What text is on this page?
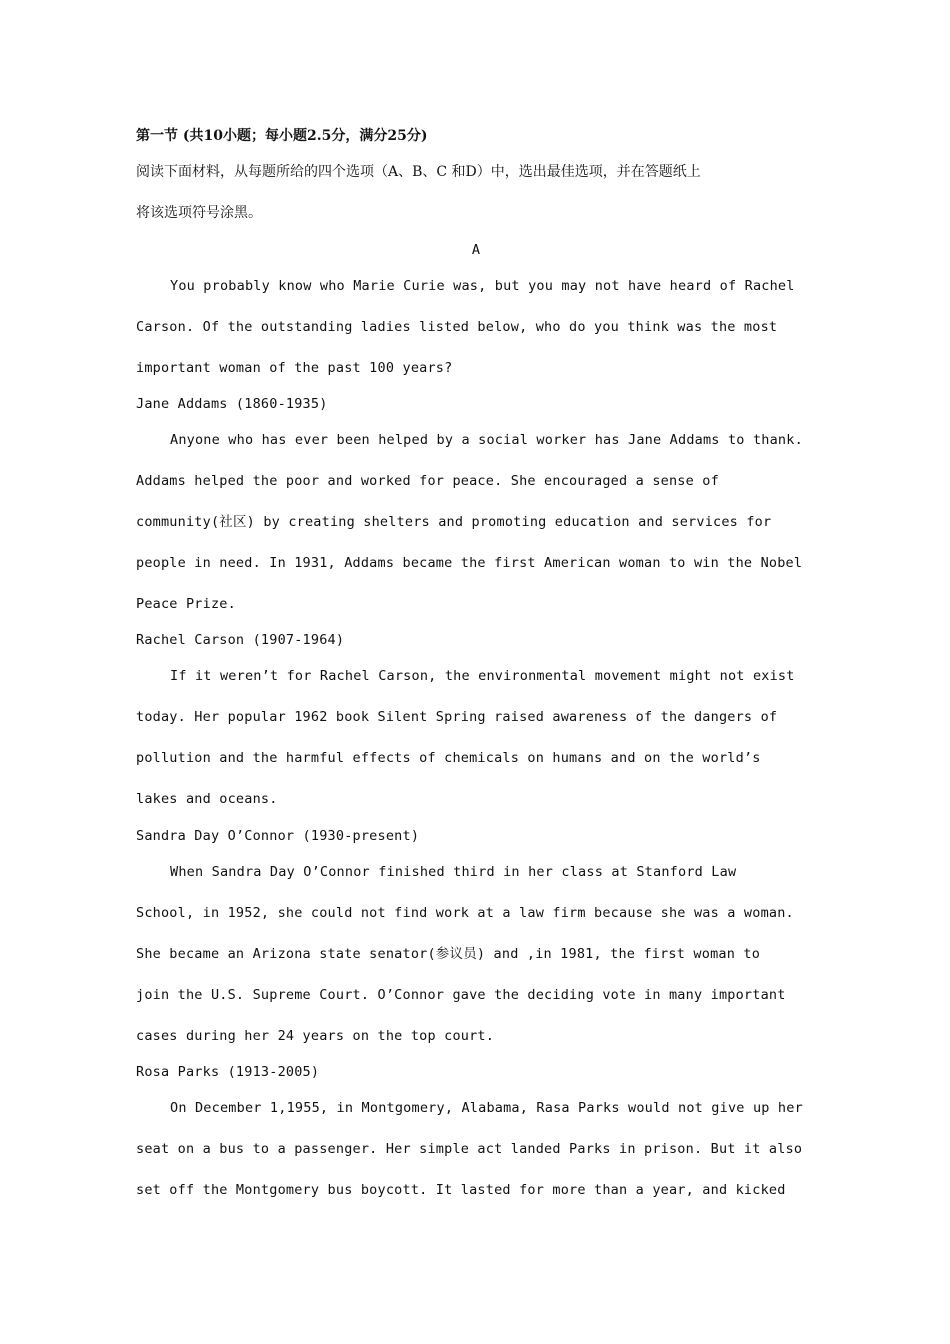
第一节 (共10小题；每小题2.5分，满分25分)
阅读下面材料，从每题所给的四个选项（A、B、C 和D）中，选出最佳选项，并在答题纸上
将该选项符号涂黑。
A
You probably know who Marie Curie was, but you may not have heard of Rachel
Carson. Of the outstanding ladies listed below, who do you think was the most
important woman of the past 100 years?
Jane Addams (1860-1935)
Anyone who has ever been helped by a social worker has Jane Addams to thank.
Addams helped the poor and worked for peace. She encouraged a sense of
community(社区) by creating shelters and promoting education and services for
people in need. In 1931, Addams became the first American woman to win the Nobel
Peace Prize.
Rachel Carson (1907-1964)
If it weren’t for Rachel Carson, the environmental movement might not exist
today. Her popular 1962 book Silent Spring raised awareness of the dangers of
pollution and the harmful effects of chemicals on humans and on the world’s
lakes and oceans.
Sandra Day O’Connor (1930-present)
When Sandra Day O’Connor finished third in her class at Stanford Law
School, in 1952, she could not find work at a law firm because she was a woman.
She became an Arizona state senator(参议员) and ,in 1981, the first woman to
join the U.S. Supreme Court. O’Connor gave the deciding vote in many important
cases during her 24 years on the top court.
Rosa Parks (1913-2005)
On December 1,1955, in Montgomery, Alabama, Rasa Parks would not give up her
seat on a bus to a passenger. Her simple act landed Parks in prison. But it also
set off the Montgomery bus boycott. It lasted for more than a year, and kicked
